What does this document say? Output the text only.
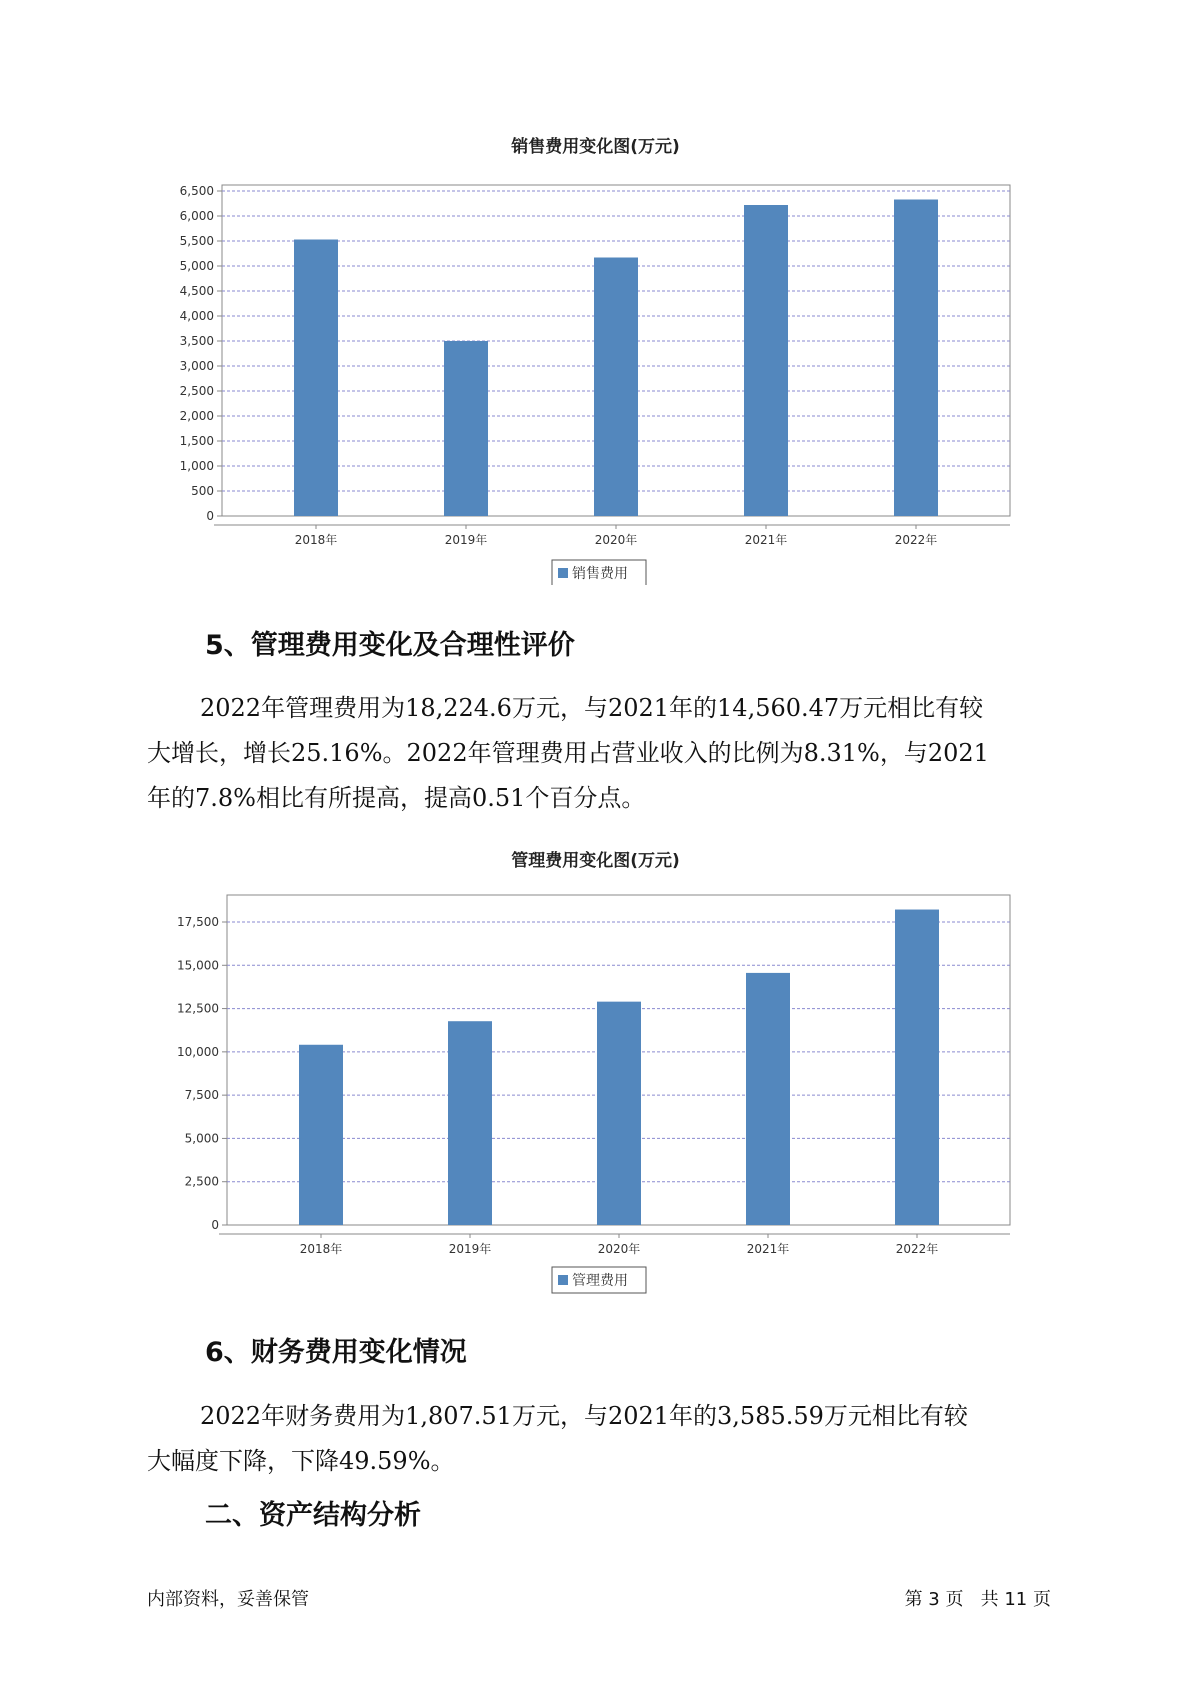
销售费用变化图(万元)
0
500
1,000
1,500
2,000
2,500
3,000
3,500
4,000
4,500
5,000
5,500
6,000
6,500
2018年	2019年	2020年	2021年	2022年
销售费用
5、管理费用变化及合理性评价
2022年管理费用为18,224.6万元，与2021年的14,560.47万元相比有较
大增长，增长25.16%。2022年管理费用占营业收入的比例为8.31%，与2021
年的7.8%相比有所提高，提高0.51个百分点。
管理费用变化图(万元)
0
2,500
5,000
7,500
10,000
12,500
15,000
17,500
2018年	2019年	2020年	2021年	2022年
管理费用
6、财务费用变化情况
2022年财务费用为1,807.51万元，与2021年的3,585.59万元相比有较
大幅度下降，下降49.59%。
二、资产结构分析
内部资料，妥善保管	第 3 页   共 11 页
